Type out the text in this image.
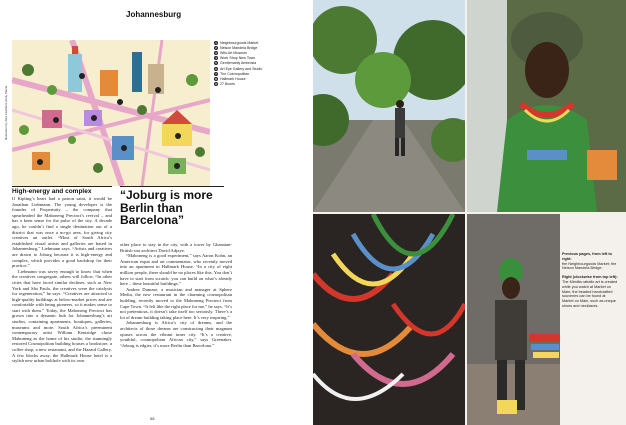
Johannesburg
Illustration by Alex Feather/Lonely Planet
1 Neighbourgoods Market
2 Nelson Mandela Bridge
3 Wits Art Museum
4 Work Shop New Town
5 Gentlemanly Ambrosia
6 Art Eye Gallery and Studio
7 The Cosmopolitan
8 Hallmark House
9 27 Boxes
High-energy and complex

If Kipling’s heart had a patron saint, it would be Jonathan Liebmann. The young developer is the founder of Propertuity – the company that spearheaded the Maboneng Precinct’s revival – and has a keen sense for the pulse of the city. A decade ago, he couldn’t find a single destination out of a district that was once a no-go area, for giving city creatives an outlet. “Most of South Africa’s established visual artists and galleries are based in Johannesburg,” Liebmann says. “Artists and creatives are drawn to Joburg because it is high-energy and complex, which provides a good backdrop for their practice.”

Liebmann was savvy enough to know that when the creatives congregate, others will follow. “In other cities that have faced similar declines, such as New York and São Paulo, the creatives were the catalysts for regeneration,” he says. “Creatives are attracted to high-quality buildings at below-market prices and are comfortable with being pioneers, so it makes sense to start with them.” Today, the Maboneng Precinct has grown into a dynamic hub for Johannesburg’s art studios, containing apartments, boutiques, galleries, museums and more. South Africa’s preeminent contemporary artist William Kentridge chose Maboneng as the home of his studio; the stunningly restored Cosmopolitan building houses a bookstore, a coffee shop, a new restaurant, and the Hazard Gallery. A few blocks away, the Hallmark House hotel is a stylish new urban bolthole with its own

“Joburg is more Berlin than Barcelona”

other place to stay in the city, with a tower by Ghanaian-British star architect David Adjaye.

“Maboneng is a good experiment,” says Aaron Kohn, an American expat and art commentator, who recently moved into an apartment in Hallmark House. “In a city of eight million people, there should be no places like this. You don’t have to start from scratch; you can build on what’s already here – these beautiful buildings.”

Andrea Dumase, a musician and manager at Sphere Media, the new restaurant in the charming cosmopolitan building, recently moved to the Maboneng Precinct from Cape Town. “It felt like the right place for me,” he says. “It’s not pretentious, it doesn’t take itself too seriously. There’s a lot of dream building taking place here. It’s very inspiring.”

Johannesburg is Africa’s city of dreams, and the architects of those dreams are constructing their magnum opuses across the vibrant inner city. “It’s a creative, youthful, cosmopolitan African city,” says Greenaker. “Joburg is edgier, it’s more Berlin than Barcelona.”

58

Previous pages, from left to right:
the Neighbourgoods Market; the Nelson Mandela Bridge.

Right (clockwise from top left):
The Mimifia rafrafic art is created while you watch at Market on Main; the beaded handcrafted souvenirs can be found at Market on Main, such as unique shoes and necklaces.
